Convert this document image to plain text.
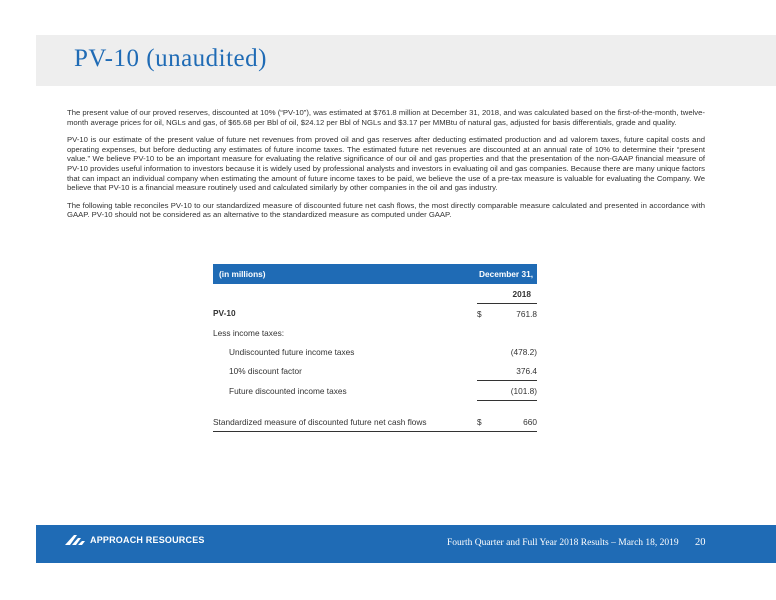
PV-10 (unaudited)

The present value of our proved reserves, discounted at 10% (“PV-10”), was estimated at $761.8 million at December 31, 2018, and was calculated based on the first-of-the-month, twelve-month average prices for oil, NGLs and gas, of $65.68 per Bbl of oil, $24.12 per Bbl of NGLs and $3.17 per MMBtu of natural gas, adjusted for basis differentials, grade and quality.

PV-10 is our estimate of the present value of future net revenues from proved oil and gas reserves after deducting estimated production and ad valorem taxes, future capital costs and operating expenses, but before deducting any estimates of future income taxes. The estimated future net revenues are discounted at an annual rate of 10% to determine their “present value.” We believe PV-10 to be an important measure for evaluating the relative significance of our oil and gas properties and that the presentation of the non-GAAP financial measure of PV-10 provides useful information to investors because it is widely used by professional analysts and investors in evaluating oil and gas companies. Because there are many unique factors that can impact an individual company when estimating the amount of future income taxes to be paid, we believe the use of a pre-tax measure is valuable for evaluating the Company. We believe that PV-10 is a financial measure routinely used and calculated similarly by other companies in the oil and gas industry.

The following table reconciles PV-10 to our standardized measure of discounted future net cash flows, the most directly comparable measure calculated and presented in accordance with GAAP. PV-10 should not be considered as an alternative to the standardized measure as computed under GAAP.

(in millions)	December 31,	
	2018	
PV-10	$	761.8
Less income taxes:		
Undiscounted future income taxes		(478.2)
10% discount factor		376.4
Future discounted income taxes		(101.8)

Standardized measure of discounted future net cash flows	$	660
APPROACH RESOURCES	Fourth Quarter and Full Year 2018 Results – March 18, 2019 20
